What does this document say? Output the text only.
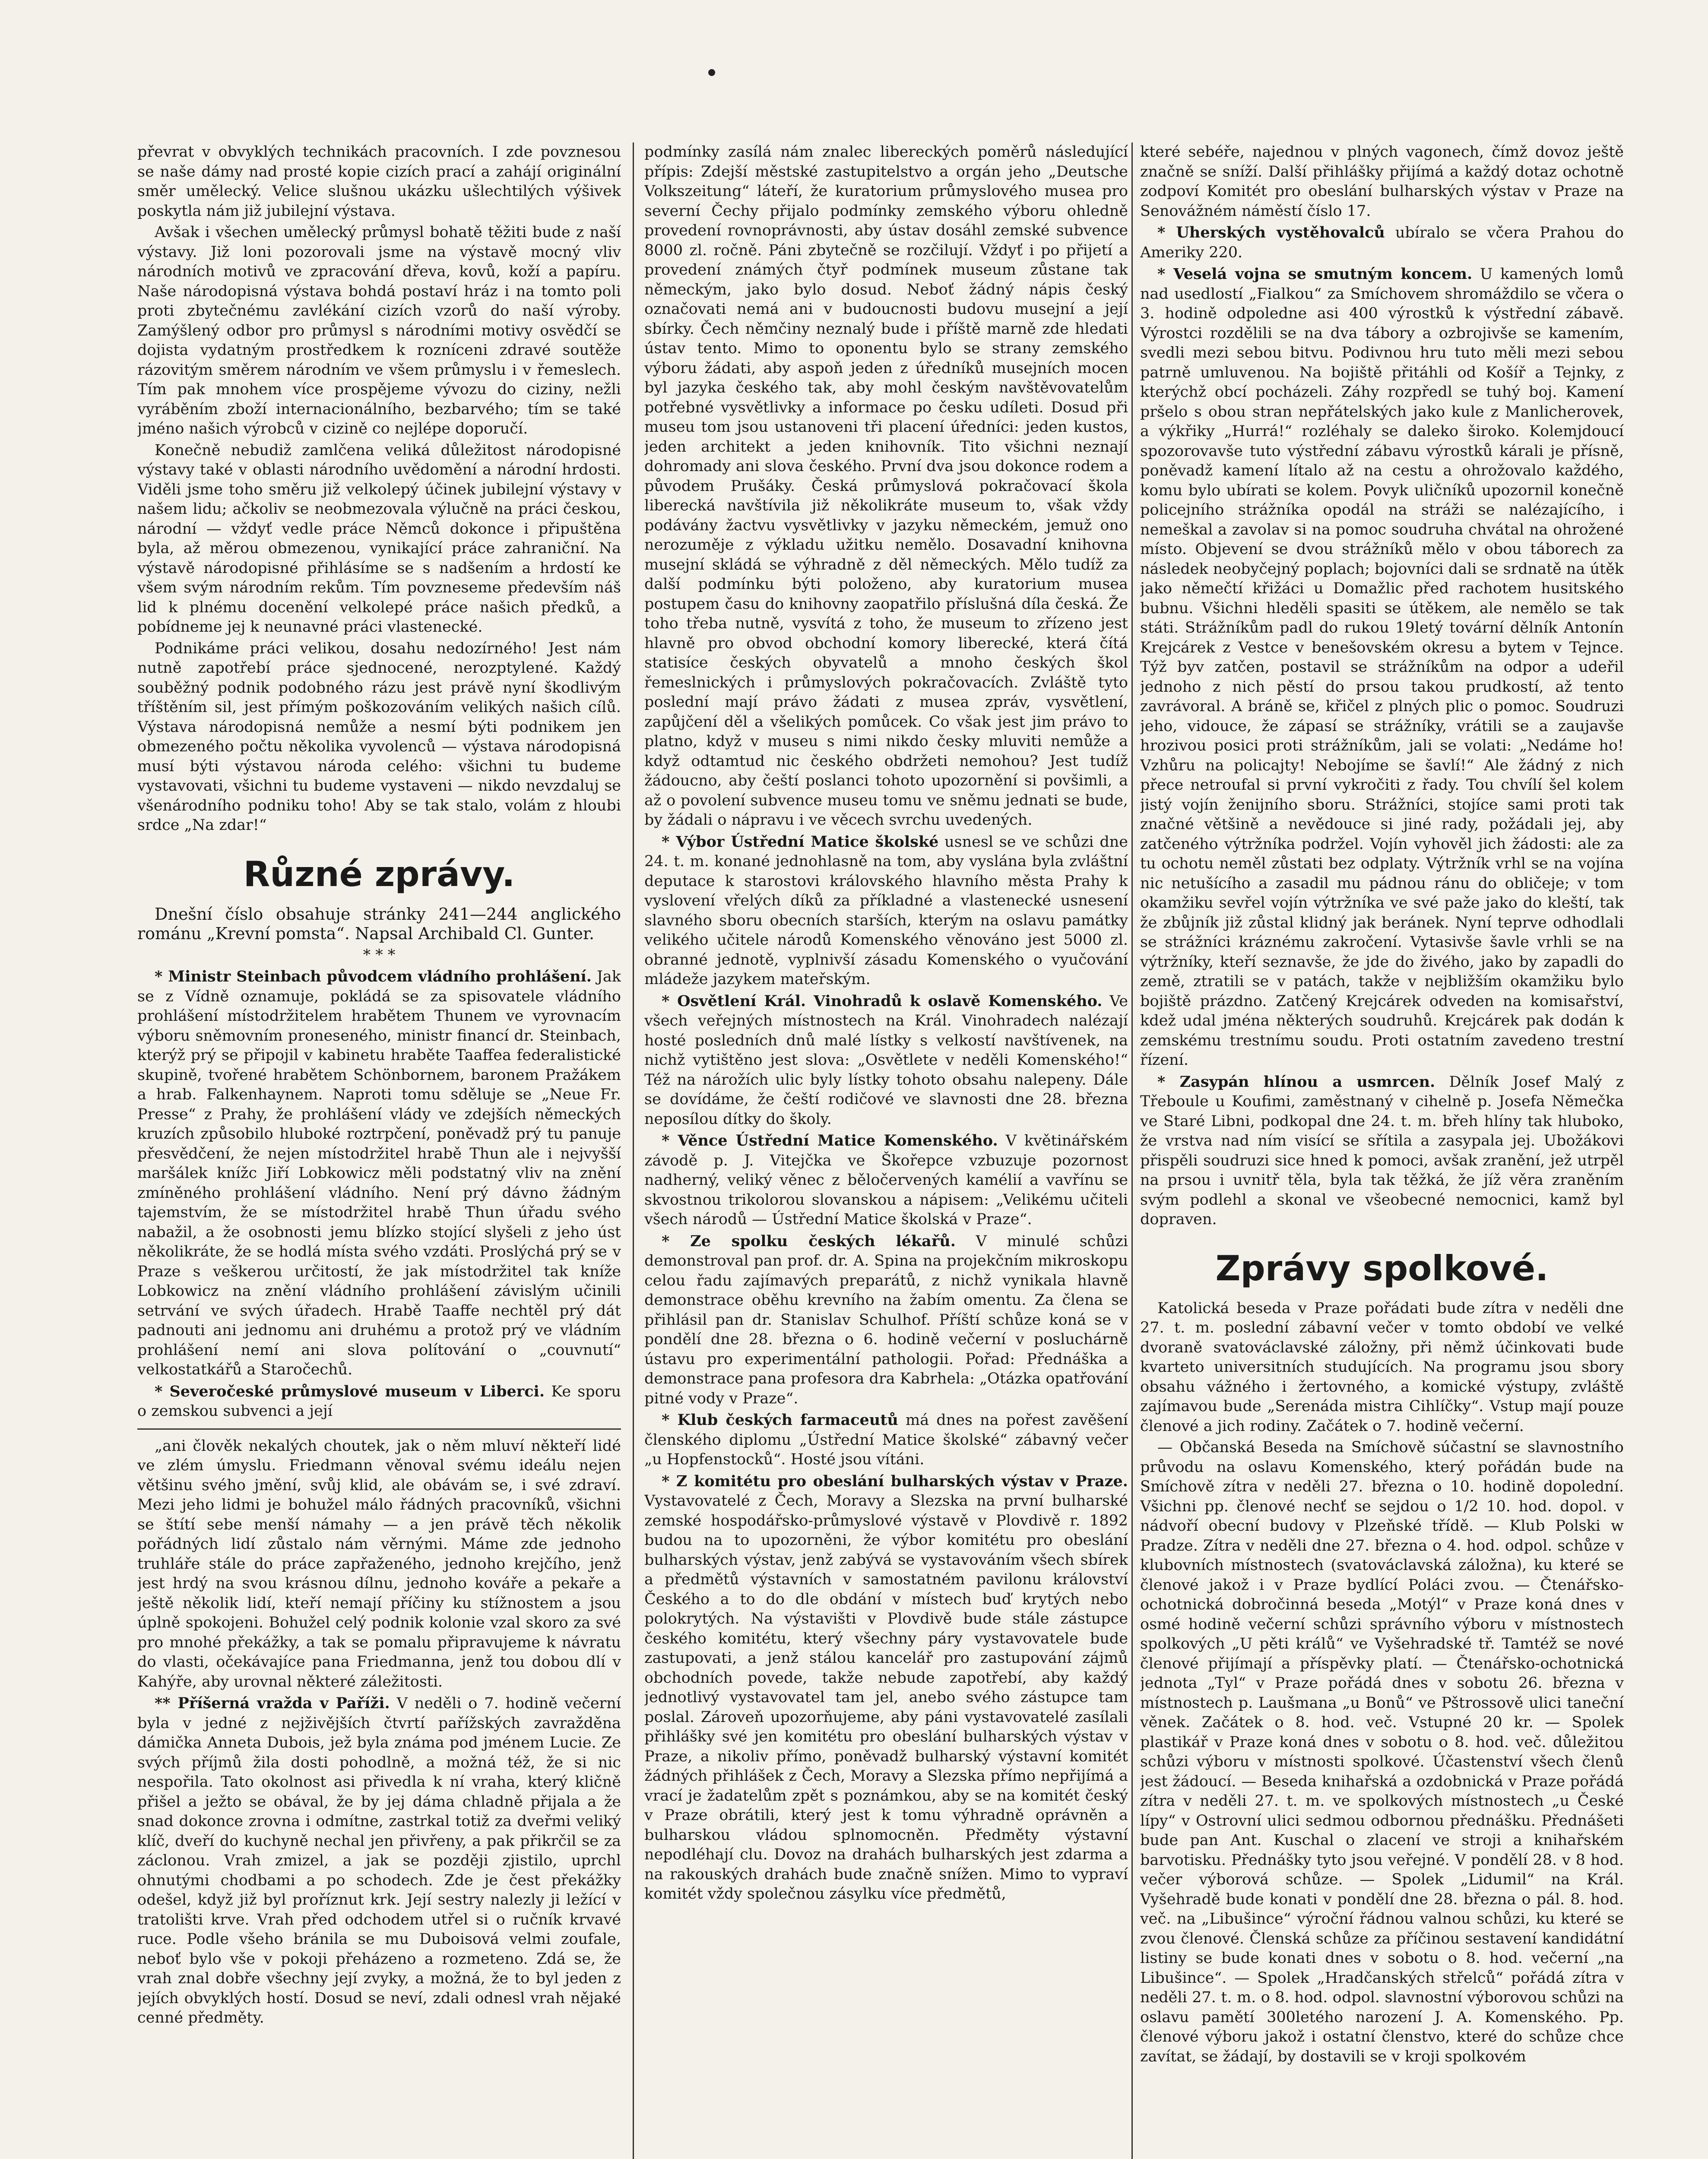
převrat v obvyklých technikách pracovních. I zde povznesou se naše dámy nad prosté kopie cizích prací a zahájí originální směr umělecký. Velice slušnou ukázku ušlechtilých výšivek poskytla nám již jubilejní výstava.

Avšak i všechen umělecký průmysl bohatě těžiti bude z naší výstavy. Již loni pozorovali jsme na výstavě mocný vliv národních motivů ve zpracování dřeva, kovů, koží a papíru. Naše národopisná výstava bohdá postaví hráz i na tomto poli proti zbytečnému zavlékání cizích vzorů do naší výroby. Zamýšlený odbor pro průmysl s národními motivy osvědčí se dojista vydatným prostředkem k rozníceni zdravé soutěže rázovitým směrem národním ve všem průmyslu i v řemeslech. Tím pak mnohem více prospějeme vývozu do ciziny, nežli vyráběním zboží internacionálního, bezbarvého; tím se také jméno našich výrobců v cizině co nejlépe doporučí.

Konečně nebudiž zamlčena veliká důležitost národopisné výstavy také v oblasti národního uvědomění a národní hrdosti. Viděli jsme toho směru již velkolepý účinek jubilejní výstavy v našem lidu; ačkoliv se neobmezovala výlučně na práci českou, národní — vždyť vedle práce Němců dokonce i připuštěna byla, až měrou obmezenou, vynikající práce zahraniční. Na výstavě národopisné přihlásíme se s nadšením a hrdostí ke všem svým národním rekům. Tím povzneseme především náš lid k plnému docenění velkolepé práce našich předků, a pobídneme jej k neunavné práci vlastenecké.

Podnikáme práci velikou, dosahu nedozírného! Jest nám nutně zapotřebí práce sjednocené, nerozptylené. Každý souběžný podnik podobného rázu jest právě nyní škodlivým tříštěním sil, jest přímým poškozováním velikých našich cílů. Výstava národopisná nemůže a nesmí býti podnikem jen obmezeného počtu několika vyvolenců — výstava národopisná musí býti výstavou národa celého: všichni tu budeme vystavovati, všichni tu budeme vystaveni — nikdo nevzdaluj se všenárodního podniku toho! Aby se tak stalo, volám z hloubi srdce „Na zdar!“

Různé zprávy.

Dnešní číslo obsahuje stránky 241—244 anglického románu „Krevní pomsta“. Napsal Archibald Cl. Gunter.

* * *

* Ministr Steinbach původcem vládního prohlášení. Jak se z Vídně oznamuje, pokládá se za spisovatele vládního prohlášení místodržitelem hrabětem Thunem ve vyrovnacím výboru sněmovním proneseného, ministr financí dr. Steinbach, kterýž prý se připojil v kabinetu hraběte Taaffea federalistické skupině, tvořené hrabětem Schönbornem, baronem Pražákem a hrab. Falkenhaynem. Naproti tomu sděluje se „Neue Fr. Presse“ z Prahy, že prohlášení vlády ve zdejších německých kruzích způsobilo hluboké roztrpčení, poněvadž prý tu panuje přesvědčení, že nejen místodržitel hrabě Thun ale i nejvyšší maršálek knížc Jiří Lobkowicz měli podstatný vliv na znění zmíněného prohlášení vládního. Není prý dávno žádným tajemstvím, že se místodržitel hrabě Thun úřadu svého nabažil, a že osobnosti jemu blízko stojící slyšeli z jeho úst několikráte, že se hodlá místa svého vzdáti. Proslýchá prý se v Praze s veškerou určitostí, že jak místodržitel tak kníže Lobkowicz na znění vládního prohlášení závislým učinili setrvání ve svých úřadech. Hrabě Taaffe nechtěl prý dát padnouti ani jednomu ani druhému a protož prý ve vládním prohlášení nemí ani slova polítování o „couvnutí“ velkostatkářů a Staročechů.

* Severočeské průmyslové museum v Liberci. Ke sporu o zemskou subvenci a její

„ani člověk nekalých choutek, jak o něm mluví někteří lidé ve zlém úmyslu. Friedmann věnoval svému ideálu nejen většinu svého jmění, svůj klid, ale obávám se, i své zdraví. Mezi jeho lidmi je bohužel málo řádných pracovníků, všichni se štítí sebe menší námahy — a jen právě těch několik pořádných lidí zůstalo nám věrnými. Máme zde jednoho truhláře stále do práce zapřaženého, jednoho krejčího, jenž jest hrdý na svou krásnou dílnu, jednoho kováře a pekaře a ještě několik lidí, kteří nemají příčiny ku stížnostem a jsou úplně spokojeni. Bohužel celý podnik kolonie vzal skoro za své pro mnohé překážky, a tak se pomalu připravujeme k návratu do vlasti, očekávajíce pana Friedmanna, jenž tou dobou dlí v Kahýře, aby urovnal některé záležitosti.

** Příšerná vražda v Paříži. V neděli o 7. hodině večerní byla v jedné z nejživějších čtvrtí pařížských zavražděna dámička Anneta Dubois, jež byla známa pod jménem Lucie. Ze svých příjmů žila dosti pohodlně, a možná též, že si nic nespořila. Tato okolnost asi přivedla k ní vraha, který kličně přišel a ježto se obával, že by jej dáma chladně přijala a že snad dokonce zrovna i odmítne, zastrkal totiž za dveřmi veliký klíč, dveří do kuchyně nechal jen přivřeny, a pak přikrčil se za záclonou. Vrah zmizel, a jak se později zjistilo, uprchl ohnutými chodbami a po schodech. Zde je čest překážky odešel, když již byl proříznut krk. Její sestry nalezly ji ležící v tratolišti krve. Vrah před odchodem utřel si o ručník krvavé ruce. Podle všeho bránila se mu Duboisová velmi zoufale, neboť bylo vše v pokoji přeházeno a rozmeteno. Zdá se, že vrah znal dobře všechny její zvyky, a možná, že to byl jeden z jejích obvyklých hostí. Dosud se neví, zdali odnesl vrah nějaké cenné předměty.

podmínky zasílá nám znalec libereckých poměrů následující přípis: Zdejší městské zastupitelstvo a orgán jeho „Deutsche Volkszeitung“ láteří, že kuratorium průmyslového musea pro severní Čechy přijalo podmínky zemského výboru ohledně provedení rovnoprávnosti, aby ústav dosáhl zemské subvence 8000 zl. ročně. Páni zbytečně se rozčilují. Vždyť i po přijetí a provedení známých čtyř podmínek museum zůstane tak německým, jako bylo dosud. Neboť žádný nápis český označovati nemá ani v budoucnosti budovu musejní a její sbírky. Čech němčiny neznalý bude i příště marně zde hledati ústav tento. Mimo to oponentu bylo se strany zemského výboru žádati, aby aspoň jeden z úředníků musejních mocen byl jazyka českého tak, aby mohl českým navštěvovatelům potřebné vysvětlivky a informace po česku udíleti. Dosud při museu tom jsou ustanoveni tři placení úředníci: jeden kustos, jeden architekt a jeden knihovník. Tito všichni neznají dohromady ani slova českého. První dva jsou dokonce rodem a původem Prušáky. Česká průmyslová pokračovací škola liberecká navštívila již několikráte museum to, však vždy podávány žactvu vysvětlivky v jazyku německém, jemuž ono nerozuměje z výkladu užitku nemělo. Dosavadní knihovna musejní skládá se výhradně z děl německých. Mělo tudíž za další podmínku býti položeno, aby kuratorium musea postupem času do knihovny zaopatřilo příslušná díla česká. Že toho třeba nutně, vysvítá z toho, že museum to zřízeno jest hlavně pro obvod obchodní komory liberecké, která čítá statisíce českých obyvatelů a mnoho českých škol řemeslnických i průmyslových pokračovacích. Zvláště tyto poslední mají právo žádati z musea zpráv, vysvětlení, zapůjčení děl a všelikých pomůcek. Co však jest jim právo to platno, když v museu s nimi nikdo česky mluviti nemůže a když odtamtud nic českého obdržeti nemohou? Jest tudíž žádoucno, aby čeští poslanci tohoto upozornění si povšimli, a až o povolení subvence museu tomu ve sněmu jednati se bude, by žádali o nápravu i ve věcech svrchu uvedených.

* Výbor Ústřední Matice školské usnesl se ve schůzi dne 24. t. m. konané jednohlasně na tom, aby vyslána byla zvláštní deputace k starostovi královského hlavního města Prahy k vyslovení vřelých díků za příkladné a vlastenecké usnesení slavného sboru obecních starších, kterým na oslavu památky velikého učitele národů Komenského věnováno jest 5000 zl. obranné jednotě, vyplnivší zásadu Komenského o vyučování mládeže jazykem mateřským.

* Osvětlení Král. Vinohradů k oslavě Komenského. Ve všech veřejných místnostech na Král. Vinohradech nalézají hosté posledních dnů malé lístky s velkostí navštívenek, na nichž vytištěno jest slova: „Osvětlete v neděli Komenského!“ Též na nárožích ulic byly lístky tohoto obsahu nalepeny. Dále se dovídáme, že čeští rodičové ve slavnosti dne 28. března neposílou dítky do školy.

* Věnce Ústřední Matice Komenského. V květinářském závodě p. J. Vitejčka ve Škořepce vzbuzuje pozornost nadherný, veliký věnec z běločervených kamélií a vavřínu se skvostnou trikolorou slovanskou a nápisem: „Velikému učiteli všech národů — Ústřední Matice školská v Praze“.

* Ze spolku českých lékařů. V minulé schůzi demonstroval pan prof. dr. A. Spina na projekčním mikroskopu celou řadu zajímavých preparátů, z nichž vynikala hlavně demonstrace oběhu krevního na žabím omentu. Za člena se přihlásil pan dr. Stanislav Schulhof. Příští schůze koná se v pondělí dne 28. března o 6. hodině večerní v posluchárně ústavu pro experimentální pathologii. Pořad: Přednáška a demonstrace pana profesora dra Kabrhela: „Otázka opatřování pitné vody v Praze“.

* Klub českých farmaceutů má dnes na pořest zavěšení členského diplomu „Ústřední Matice školské“ zábavný večer „u Hopfenstocků“. Hosté jsou vítáni.

* Z komitétu pro obeslání bulharských výstav v Praze. Vystavovatelé z Čech, Moravy a Slezska na první bulharské zemské hospodářsko-průmyslové výstavě v Plovdivě r. 1892 budou na to upozorněni, že výbor komitétu pro obeslání bulharských výstav, jenž zabývá se vystavováním všech sbírek a předmětů výstavních v samostatném pavilonu království Českého a to do dle obdání v místech buď krytých nebo polokrytých. Na výstavišti v Plovdivě bude stále zástupce českého komitétu, který všechny páry vystavovatele bude zastupovati, a jenž stálou kancelář pro zastupování zájmů obchodních povede, takže nebude zapotřebí, aby každý jednotlivý vystavovatel tam jel, anebo svého zástupce tam poslal. Zároveň upozorňujeme, aby páni vystavovatelé zasílali přihlášky své jen komitétu pro obeslání bulharských výstav v Praze, a nikoliv přímo, poněvadž bulharský výstavní komitét žádných přihlášek z Čech, Moravy a Slezska přímo nepřijímá a vrací je žadatelům zpět s poznámkou, aby se na komitét český v Praze obrátili, který jest k tomu výhradně oprávněn a bulharskou vládou splnomocněn. Předměty výstavní nepodléhají clu. Dovoz na drahách bulharských jest zdarma a na rakouských drahách bude značně snížen. Mimo to vypraví komitét vždy společnou zásylku více předmětů,

které sebéře, najednou v plných vagonech, čímž dovoz ještě značně se sníží. Další přihlášky přijímá a každý dotaz ochotně zodpoví Komitét pro obeslání bulharských výstav v Praze na Senovážném náměstí číslo 17.

* Uherských vystěhovalců ubíralo se včera Prahou do Ameriky 220.

* Veselá vojna se smutným koncem. U kamených lomů nad usedlostí „Fialkou“ za Smíchovem shromáždilo se včera o 3. hodině odpoledne asi 400 výrostků k výstřední zábavě. Výrostci rozdělili se na dva tábory a ozbrojivše se kamením, svedli mezi sebou bitvu. Podivnou hru tuto měli mezi sebou patrně umluvenou. Na bojiště přitáhli od Košíř a Tejnky, z kterýchž obcí pocházeli. Záhy rozpředl se tuhý boj. Kamení pršelo s obou stran nepřátelských jako kule z Manlicherovek, a výkřiky „Hurrá!“ rozléhaly se daleko široko. Kolemjdoucí spozorovavše tuto výstřední zábavu výrostků kárali je přísně, poněvadž kamení lítalo až na cestu a ohrožovalo každého, komu bylo ubírati se kolem. Povyk uličníků upozornil konečně policejního strážníka opodál na stráži se nalézajícího, i nemeškal a zavolav si na pomoc soudruha chvátal na ohrožené místo. Objevení se dvou strážníků mělo v obou táborech za následek neobyčejný poplach; bojovníci dali se srdnatě na útěk jako němečtí křižáci u Domažlic před rachotem husitského bubnu. Všichni hleděli spasiti se útěkem, ale nemělo se tak státi. Strážníkům padl do rukou 19letý tovární dělník Antonín Krejcárek z Vestce v benešovském okresu a bytem v Tejnce. Týž byv zatčen, postavil se strážníkům na odpor a udeřil jednoho z nich pěstí do prsou takou prudkostí, až tento zavrávoral. A bráně se, křičel z plných plic o pomoc. Soudruzi jeho, vidouce, že zápasí se strážníky, vrátili se a zaujavše hrozivou posici proti strážníkům, jali se volati: „Nedáme ho! Vzhůru na policajty! Nebojíme se šavlí!“ Ale žádný z nich přece netroufal si první vykročiti z řady. Tou chvílí šel kolem jistý vojín ženijního sboru. Strážníci, stojíce sami proti tak značné většině a nevědouce si jiné rady, požádali jej, aby zatčeného výtržníka podržel. Vojín vyhověl jich žádosti: ale za tu ochotu neměl zůstati bez odplaty. Výtržník vrhl se na vojína nic netušícího a zasadil mu pádnou ránu do obličeje; v tom okamžiku sevřel vojín výtržníka ve své paže jako do kleští, tak že zbůjník již zůstal klidný jak beránek. Nyní teprve odhodlali se strážníci kráznému zakročení. Vytasivše šavle vrhli se na výtržníky, kteří seznavše, že jde do živého, jako by zapadli do země, ztratili se v patách, takže v nejbližším okamžiku bylo bojiště prázdno. Zatčený Krejcárek odveden na komisařství, kdež udal jména některých soudruhů. Krejcárek pak dodán k zemskému trestnímu soudu. Proti ostatním zavedeno trestní řízení.

* Zasypán hlínou a usmrcen. Dělník Josef Malý z Třeboule u Koufimi, zaměstnaný v cihelně p. Josefa Němečka ve Staré Libni, podkopal dne 24. t. m. břeh hlíny tak hluboko, že vrstva nad ním visící se sřítila a zasypala jej. Ubožákovi přispěli soudruzi sice hned k pomoci, avšak zranění, jež utrpěl na prsou i uvnitř těla, byla tak těžká, že jíž věra zraněním svým podlehl a skonal ve všeobecné nemocnici, kamž byl dopraven.

Zprávy spolkové.

Katolická beseda v Praze pořádati bude zítra v neděli dne 27. t. m. poslední zábavní večer v tomto období ve velké dvoraně svatováclavské záložny, při němž účinkovati bude kvarteto universitních studujících. Na programu jsou sbory obsahu vážného i žertovného, a komické výstupy, zvláště zajímavou bude „Serenáda mistra Cihlíčky“. Vstup mají pouze členové a jich rodiny. Začátek o 7. hodině večerní.

— Občanská Beseda na Smíchově súčastní se slavnostního průvodu na oslavu Komenského, který pořádán bude na Smíchově zítra v neděli 27. března o 10. hodině dopolední. Všichni pp. členové nechť se sejdou o 1/2 10. hod. dopol. v nádvoří obecní budovy v Plzeňské třídě. — Klub Polski w Pradze. Zítra v neděli dne 27. března o 4. hod. odpol. schůze v klubovních místnostech (svatováclavská záložna), ku které se členové jakož i v Praze bydlící Poláci zvou. — Čtenářsko-ochotnická dobročinná beseda „Motýl“ v Praze koná dnes v osmé hodině večerní schůzi správního výboru v místnostech spolkových „U pěti králů“ ve Vyšehradské tř. Tamtéž se nové členové přijímají a příspěvky platí. — Čtenářsko-ochotnická jednota „Tyl“ v Praze pořádá dnes v sobotu 26. března v místnostech p. Laušmana „u Bonů“ ve Pštrossově ulici taneční věnek. Začátek o 8. hod. več. Vstupné 20 kr. — Spolek plastikář v Praze koná dnes v sobotu o 8. hod. več. důležitou schůzi výboru v místnosti spolkové. Účastenství všech členů jest žádoucí. — Beseda knihařská a ozdobnická v Praze pořádá zítra v neděli 27. t. m. ve spolkových místnostech „u České lípy“ v Ostrovní ulici sedmou odbornou přednášku. Přednášeti bude pan Ant. Kuschal o zlacení ve stroji a knihařském barvotisku. Přednášky tyto jsou veřejné. V pondělí 28. v 8 hod. večer výborová schůze. — Spolek „Lidumil“ na Král. Vyšehradě bude konati v pondělí dne 28. března o pál. 8. hod. več. na „Libušince“ výroční řádnou valnou schůzi, ku které se zvou členové. Členská schůze za příčinou sestavení kandidátní listiny se bude konati dnes v sobotu o 8. hod. večerní „na Libušince“. — Spolek „Hradčanských střelců“ pořádá zítra v neděli 27. t. m. o 8. hod. odpol. slavnostní výborovou schůzi na oslavu pamětí 300letého narození J. A. Komenského. Pp. členové výboru jakož i ostatní členstvo, které do schůze chce zavítat, se žádají, by dostavili se v kroji spolkovém
